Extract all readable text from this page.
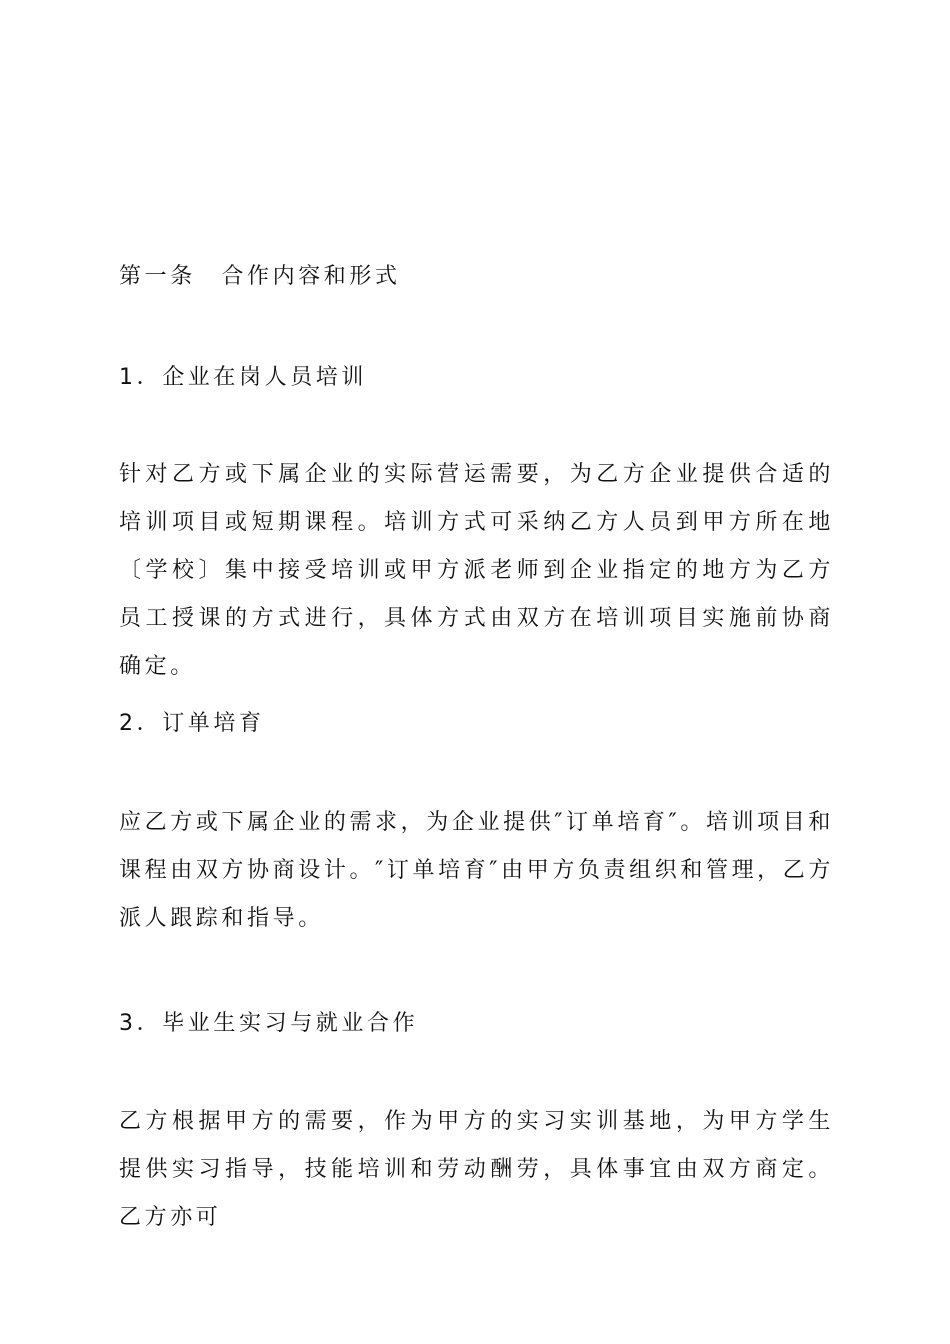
第一条　合作内容和形式
1．企业在岗人员培训
针对乙方或下属企业的实际营运需要，为乙方企业提供合适的培训项目或短期课程。培训方式可采纳乙方人员到甲方所在地〔学校〕集中接受培训或甲方派老师到企业指定的地方为乙方员工授课的方式进行，具体方式由双方在培训项目实施前协商确定。
2．订单培育
应乙方或下属企业的需求，为企业提供″订单培育″。培训项目和课程由双方协商设计。″订单培育″由甲方负责组织和管理，乙方派人跟踪和指导。
3．毕业生实习与就业合作
乙方根据甲方的需要，作为甲方的实习实训基地，为甲方学生提供实习指导，技能培训和劳动酬劳，具体事宜由双方商定。乙方亦可
